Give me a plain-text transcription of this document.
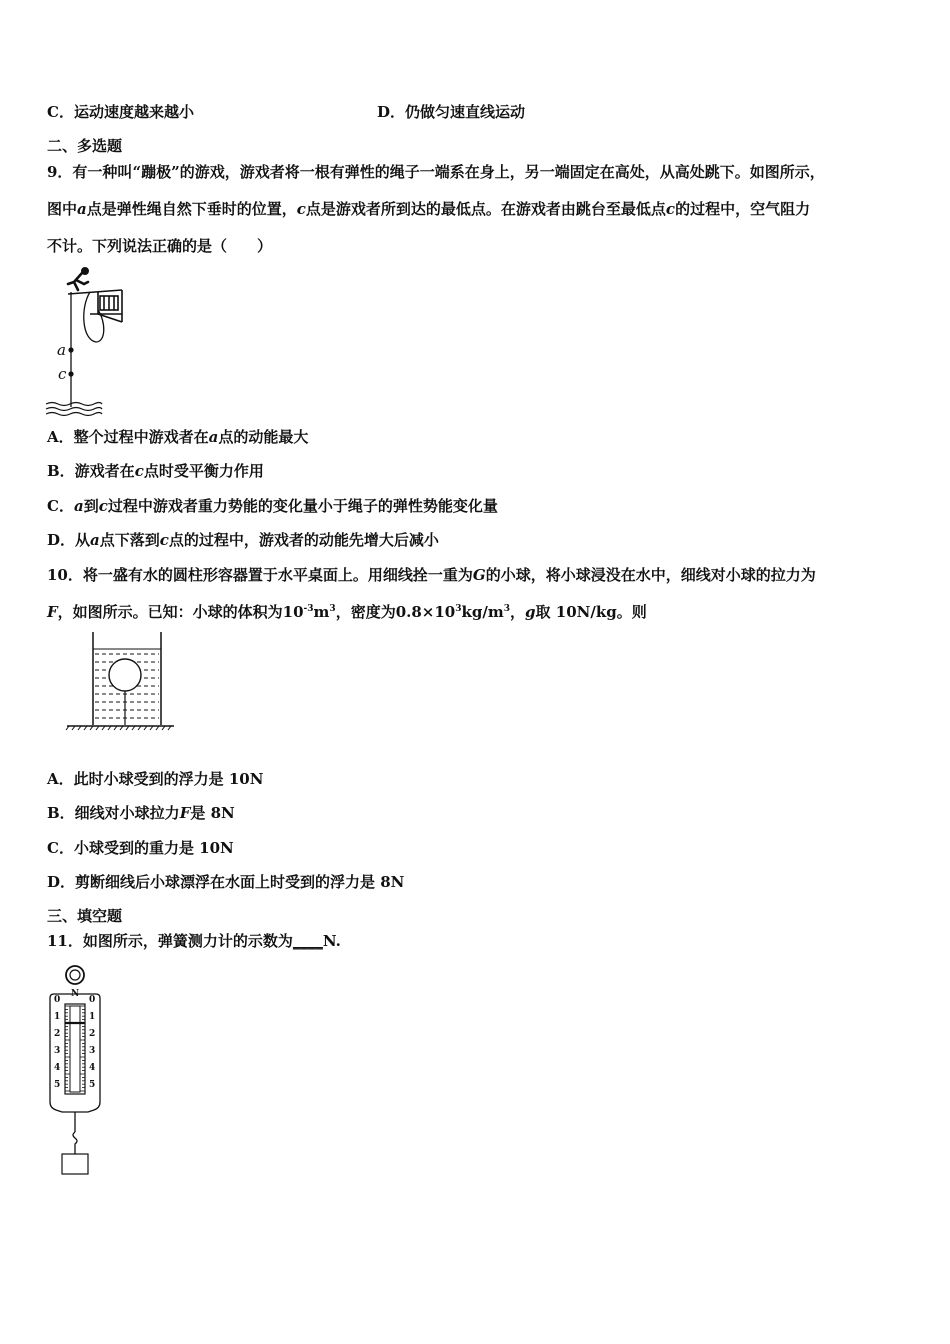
C．运动速度越来越小	D．仍做匀速直线运动
二、多选题
9．有一种叫“蹦极”的游戏，游戏者将一根有弹性的绳子一端系在身上，另一端固定在高处，从高处跳下。如图所示，
图中a点是弹性绳自然下垂时的位置，c点是游戏者所到达的最低点。在游戏者由跳台至最低点c的过程中，空气阻力
不计。下列说法正确的是（　　）
a
c
A．整个过程中游戏者在a点的动能最大
B．游戏者在c点时受平衡力作用
C．a到c过程中游戏者重力势能的变化量小于绳子的弹性势能变化量
D．从a点下落到c点的过程中，游戏者的动能先增大后减小
10．将一盛有水的圆柱形容器置于水平桌面上。用细线拴一重为G的小球，将小球浸没在水中，细线对小球的拉力为
F，如图所示。已知：小球的体积为$10^{-3}m^3$，密度为$0.8\times 10^3kg/m^3$，g取 10N/kg。则
A．此时小球受到的浮力是 10N
B．细线对小球拉力F是 8N
C．小球受到的重力是 10N
D．剪断细线后小球漂浮在水面上时受到的浮力是 8N
三、填空题
11．如图所示，弹簧测力计的示数为____N.
N
0
1
2
3
4
5
0
1
2
3
4
5
